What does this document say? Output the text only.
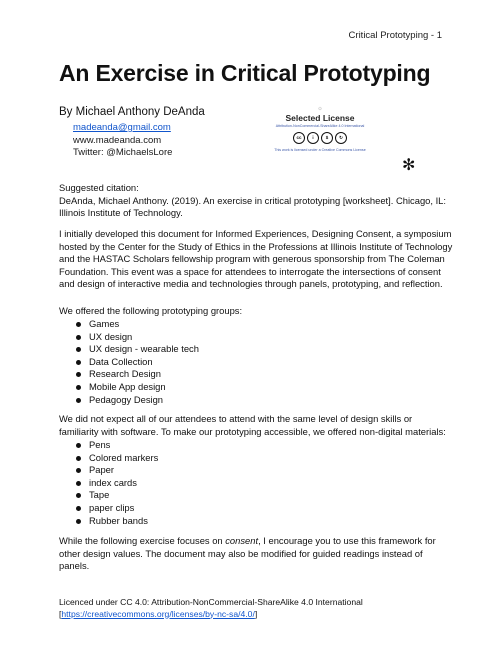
Critical Prototyping - 1
An Exercise in Critical Prototyping
By Michael Anthony DeAnda
madeanda@gmail.com
www.madeanda.com
Twitter: @MichaelsLore
☼
Selected License
Attribution-NonCommercial-ShareAlike 4.0 International
cc	i	$	↻
This work is licensed under a Creative Commons License
✻

Suggested citation:

DeAnda, Michael Anthony. (2019). An exercise in critical prototyping [worksheet]. Chicago, IL: Illinois Institute of Technology.

I initially developed this document for Informed Experiences, Designing Consent, a symposium hosted by the Center for the Study of Ethics in the Professions at Illinois Institute of Technology and the HASTAC Scholars fellowship program with generous sponsorship from The Coleman Foundation. This event was a space for attendees to interrogate the intersections of consent and design of interactive media and technologies through panels, prototyping, and reflection.

We offered the following prototyping groups:

Games
UX design
UX design - wearable tech
Data Collection
Research Design
Mobile App design
Pedagogy Design

We did not expect all of our attendees to attend with the same level of design skills or familiarity with software. To make our prototyping accessible, we offered non-digital materials:

Pens
Colored markers
Paper
index cards
Tape
paper clips
Rubber bands

While the following exercise focuses on consent, I encourage you to use this framework for other design values. The document may also be modified for guided readings instead of panels.

Licenced under CC 4.0: Attribution-NonCommercial-ShareAlike 4.0 International
[https://creativecommons.org/licenses/by-nc-sa/4.0/]
